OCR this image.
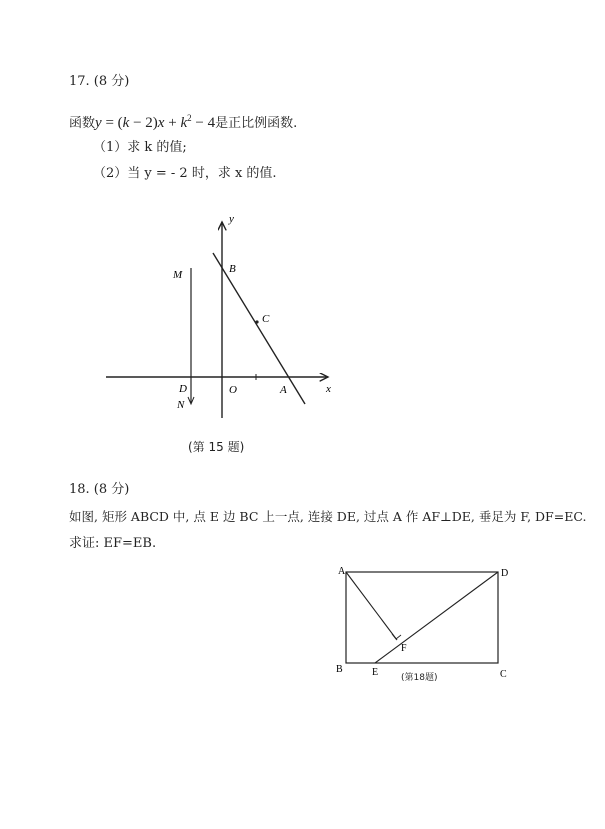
17. (8 分)
函数$y = (k - 2)x + k^2 - 4$是正比例函数.
（1）求 k 的值;
（2）当 y = - 2 时，求 x 的值.
y
x
M
N
B
C
D	O	A
A
B	C
D
E
F
(第 15 题)
18. (8 分)
如图, 矩形 ABCD 中, 点 E 边 BC 上一点, 连接 DE, 过点 A 作 AF⊥DE, 垂足为 F, DF=EC.
求证: EF=EB.
(第18题)
